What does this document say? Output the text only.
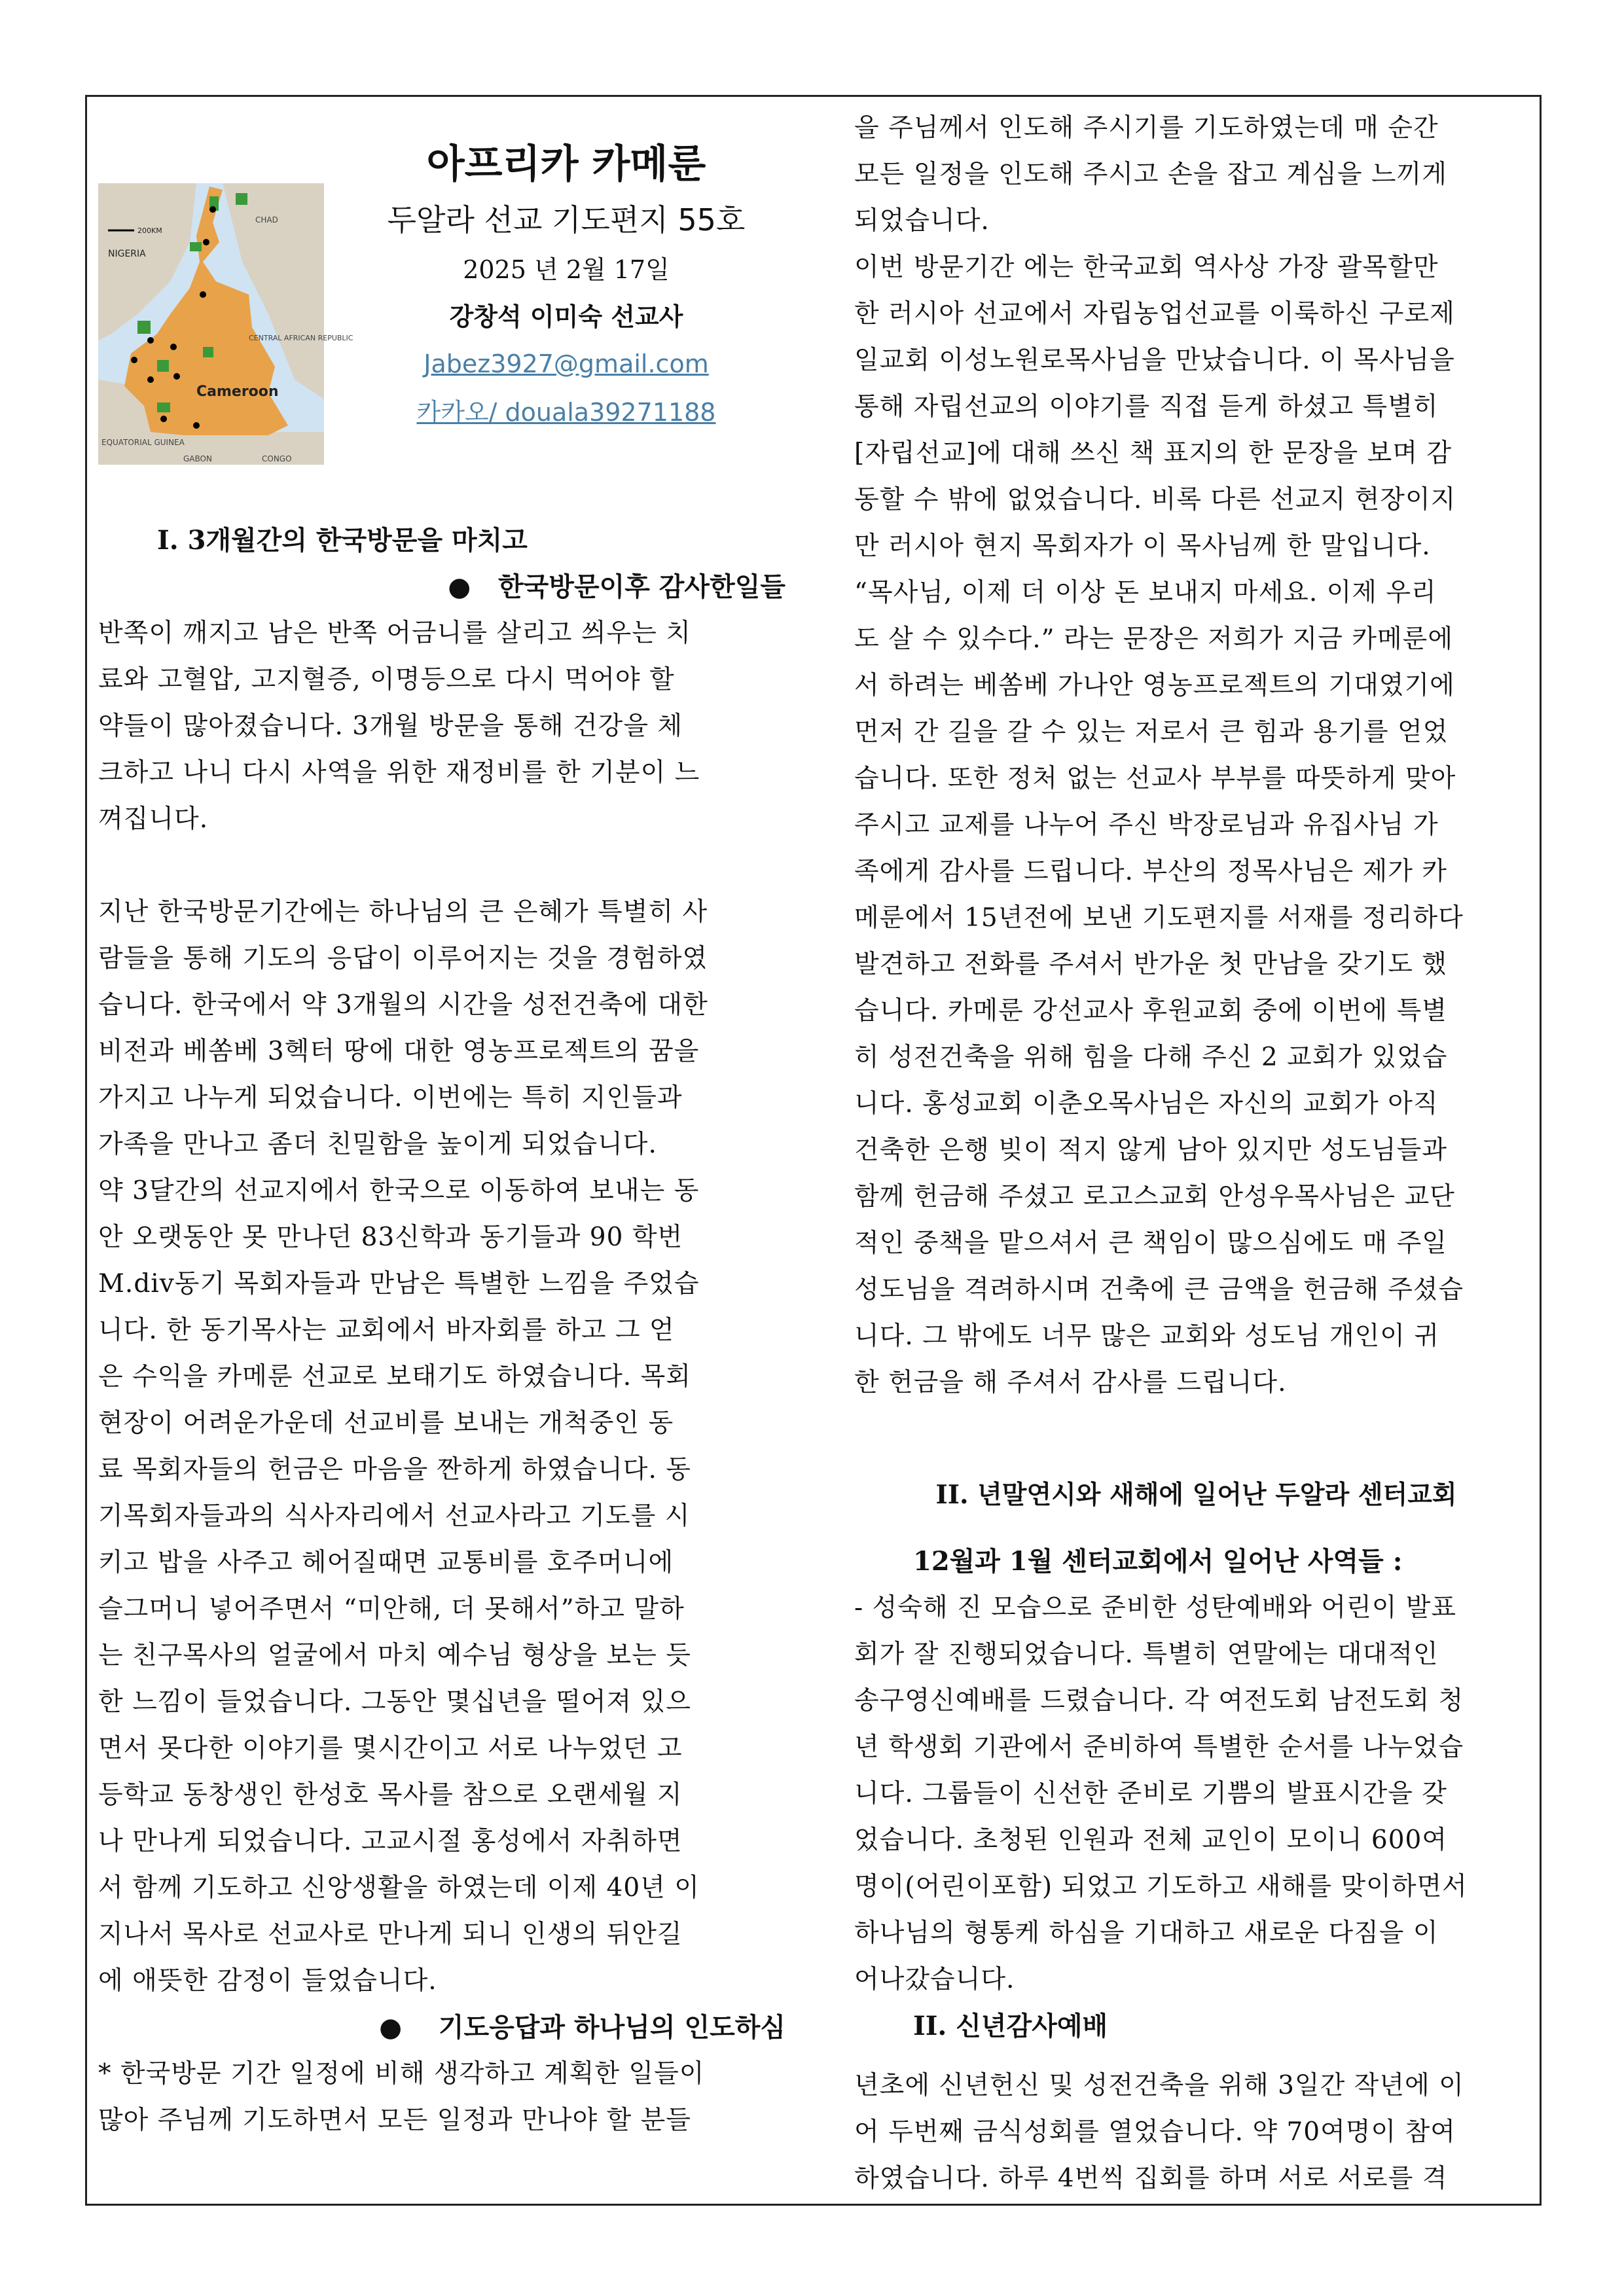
NIGERIA
200KM
Cameroon
CENTRAL AFRICAN REPUBLIC
EQUATORIAL GUINEA
GABON	CONGO
CHAD

아프리카 카메룬

두알라 선교 기도편지 55호

2025 년 2월 17일

강창석 이미숙 선교사

Jabez3927@gmail.com

카카오/ douala39271188

I. 3개월간의 한국방문을 마치고

●   한국방문이후 감사한일들

반쪽이 깨지고 남은 반쪽 어금니를 살리고 씌우는 치

료와 고혈압, 고지혈증, 이명등으로 다시 먹어야 할

약들이 많아졌습니다. 3개월 방문을 통해 건강을 체

크하고 나니 다시 사역을 위한 재정비를 한 기분이 느

껴집니다.

지난 한국방문기간에는 하나님의 큰 은혜가 특별히 사

람들을 통해 기도의 응답이 이루어지는 것을 경험하였

습니다. 한국에서 약 3개월의 시간을 성전건축에 대한

비전과 베쏨베 3헥터 땅에 대한 영농프로젝트의 꿈을

가지고 나누게 되었습니다. 이번에는 특히 지인들과

가족을 만나고 좀더 친밀함을 높이게 되었습니다.

약 3달간의 선교지에서 한국으로 이동하여 보내는 동

안 오랫동안 못 만나던 83신학과 동기들과 90 학번

M.div동기 목회자들과 만남은 특별한 느낌을 주었습

니다. 한 동기목사는 교회에서 바자회를 하고 그 얻

은 수익을 카메룬 선교로 보태기도 하였습니다. 목회

현장이 어려운가운데 선교비를 보내는 개척중인 동

료 목회자들의 헌금은 마음을 짠하게 하였습니다. 동

기목회자들과의 식사자리에서 선교사라고 기도를 시

키고 밥을 사주고 헤어질때면 교통비를 호주머니에

슬그머니 넣어주면서 “미안해, 더 못해서”하고 말하

는 친구목사의 얼굴에서 마치 예수님 형상을 보는 듯

한 느낌이 들었습니다. 그동안 몇십년을 떨어져 있으

면서 못다한 이야기를 몇시간이고 서로 나누었던 고

등학교 동창생인 한성호 목사를 참으로 오랜세월 지

나 만나게 되었습니다. 고교시절 홍성에서 자취하면

서 함께 기도하고 신앙생활을 하였는데 이제 40년 이

지나서 목사로 선교사로 만나게 되니 인생의 뒤안길

에 애뜻한 감정이 들었습니다.

●    기도응답과 하나님의 인도하심

* 한국방문 기간 일정에 비해 생각하고 계획한 일들이

많아 주님께 기도하면서 모든 일정과 만나야 할 분들

을 주님께서 인도해 주시기를 기도하였는데 매 순간

모든 일정을 인도해 주시고 손을 잡고 계심을 느끼게

되었습니다.

이번 방문기간 에는 한국교회 역사상 가장 괄목할만

한 러시아 선교에서 자립농업선교를 이룩하신 구로제

일교회 이성노원로목사님을 만났습니다. 이 목사님을

통해 자립선교의 이야기를 직접 듣게 하셨고 특별히

[자립선교]에 대해 쓰신 책 표지의 한 문장을 보며 감

동할 수 밖에 없었습니다. 비록 다른 선교지 현장이지

만 러시아 현지 목회자가 이 목사님께 한 말입니다.

“목사님, 이제 더 이상 돈 보내지 마세요. 이제 우리

도 살 수 있수다.” 라는 문장은 저희가 지금 카메룬에

서 하려는 베쏨베 가나안 영농프로젝트의 기대였기에

먼저 간 길을 갈 수 있는 저로서 큰 힘과 용기를 얻었

습니다. 또한 정처 없는 선교사 부부를 따뜻하게 맞아

주시고 교제를 나누어 주신 박장로님과 유집사님 가

족에게 감사를 드립니다. 부산의 정목사님은 제가 카

메룬에서 15년전에 보낸 기도편지를 서재를 정리하다

발견하고 전화를 주셔서 반가운 첫 만남을 갖기도 했

습니다. 카메룬 강선교사 후원교회 중에 이번에 특별

히 성전건축을 위해 힘을 다해 주신 2 교회가 있었습

니다. 홍성교회 이춘오목사님은 자신의 교회가 아직

건축한 은행 빚이 적지 않게 남아 있지만 성도님들과

함께 헌금해 주셨고 로고스교회 안성우목사님은 교단

적인 중책을 맡으셔서 큰 책임이 많으심에도 매 주일

성도님을 격려하시며 건축에 큰 금액을 헌금해 주셨습

니다. 그 밖에도 너무 많은 교회와 성도님 개인이 귀

한 헌금을 해 주셔서 감사를 드립니다.

II. 년말연시와 새해에 일어난 두알라 센터교회

12월과 1월 센터교회에서 일어난 사역들 :

- 성숙해 진 모습으로 준비한 성탄예배와 어린이 발표

회가 잘 진행되었습니다. 특별히 연말에는 대대적인

송구영신예배를 드렸습니다. 각 여전도회 남전도회 청

년 학생회 기관에서 준비하여 특별한 순서를 나누었습

니다. 그룹들이 신선한 준비로 기쁨의 발표시간을 갖

었습니다. 초청된 인원과 전체 교인이 모이니 600여

명이(어린이포함) 되었고 기도하고 새해를 맞이하면서

하나님의 형통케 하심을 기대하고 새로운 다짐을 이

어나갔습니다.

II. 신년감사예배

년초에 신년헌신 및 성전건축을 위해 3일간 작년에 이

어 두번째 금식성회를 열었습니다. 약 70여명이 참여

하였습니다. 하루 4번씩 집회를 하며 서로 서로를 격
